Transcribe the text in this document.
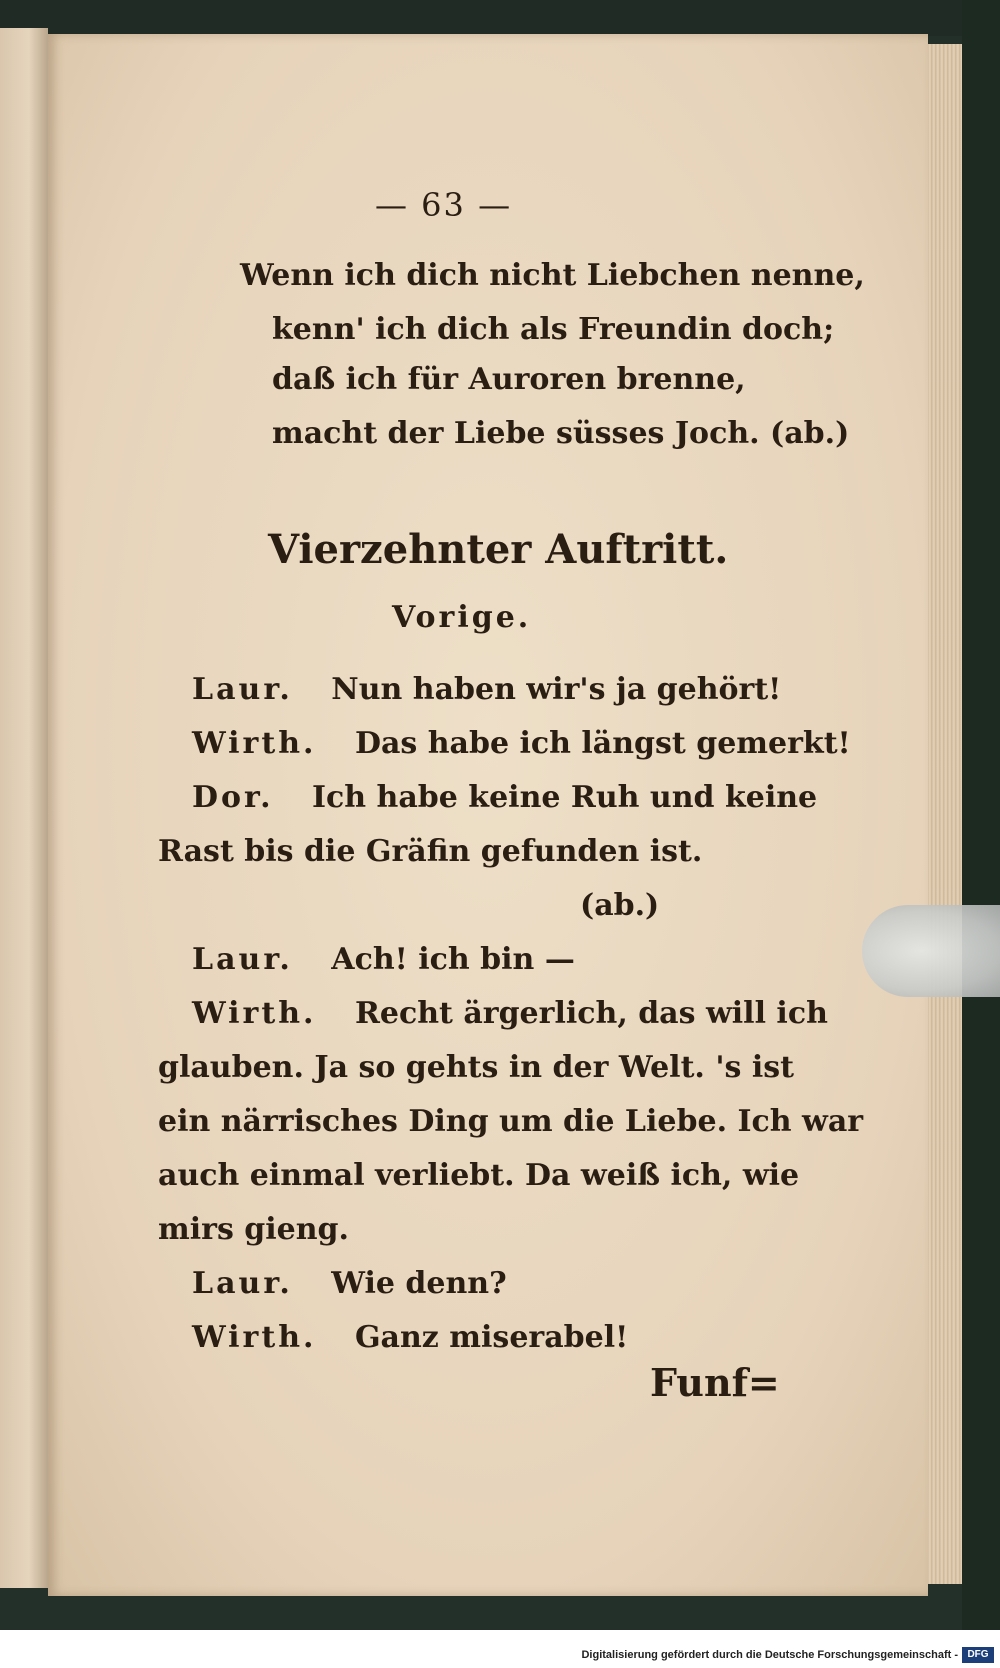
— 63 —
Wenn ich dich nicht Liebchen nenne,
kenn' ich dich als Freundin doch;
daß ich für Auroren brenne,
macht der Liebe süsses Joch. (ab.)
Vierzehnter Auftritt.
Vorige.
Laur. Nun haben wir's ja gehört!
Wirth. Das habe ich längst gemerkt!
Dor. Ich habe keine Ruh und keine
Rast bis die Gräfin gefunden ist.
(ab.)
Laur. Ach! ich bin —
Wirth. Recht ärgerlich, das will ich
glauben. Ja so gehts in der Welt. 's ist
ein närrisches Ding um die Liebe. Ich war
auch einmal verliebt. Da weiß ich, wie
mirs gieng.
Laur. Wie denn?
Wirth. Ganz miserabel!
Funf=
Digitalisierung gefördert durch die Deutsche Forschungsgemeinschaft - DFG
